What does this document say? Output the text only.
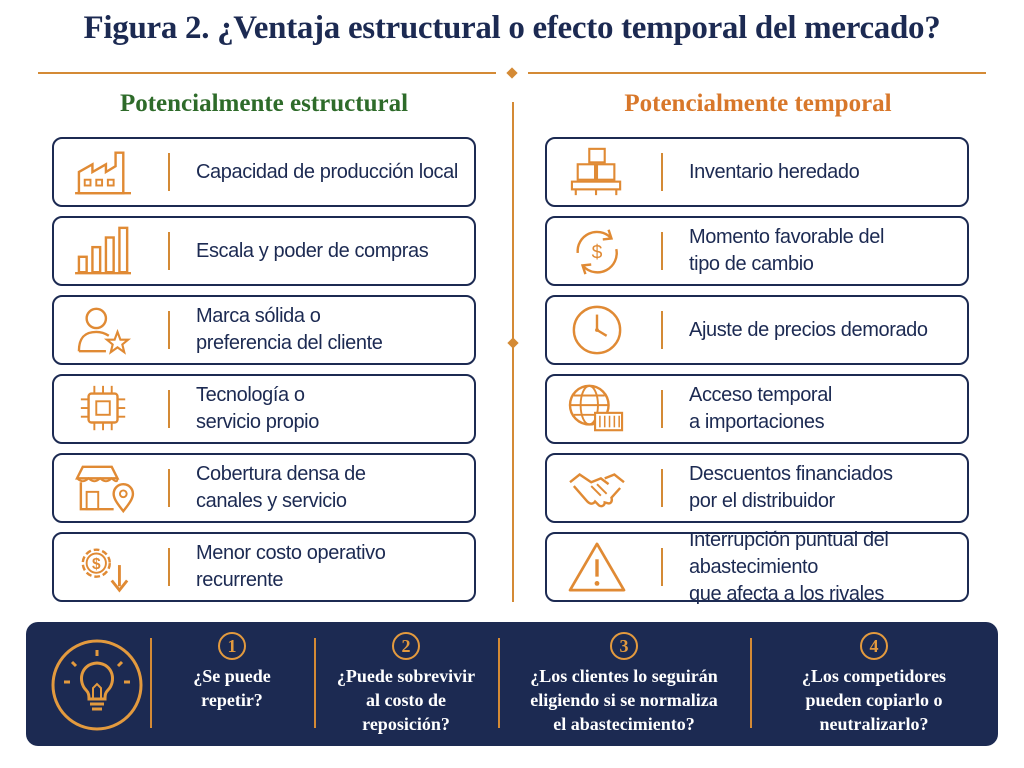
Figura 2. ¿Ventaja estructural o efecto temporal del mercado?
Potencialmente estructural	Potencialmente temporal
Capacidad de producción local
Escala y poder de compras
Marca sólida o
preferencia del cliente
Tecnología o
servicio propio
Cobertura densa de
canales y servicio
$
Menor costo operativo
recurrente
Inventario heredado
$
Momento favorable del
tipo de cambio
Ajuste de precios demorado
Acceso temporal
a importaciones
Descuentos financiados
por el distribuidor
Interrupción puntual del abastecimiento
que afecta a los rivales
1
¿Se puede
repetir?
2
¿Puede sobrevivir
al costo de
reposición?
3
¿Los clientes lo seguirán
eligiendo si se normaliza
el abastecimiento?
4
¿Los competidores
pueden copiarlo o
neutralizarlo?
